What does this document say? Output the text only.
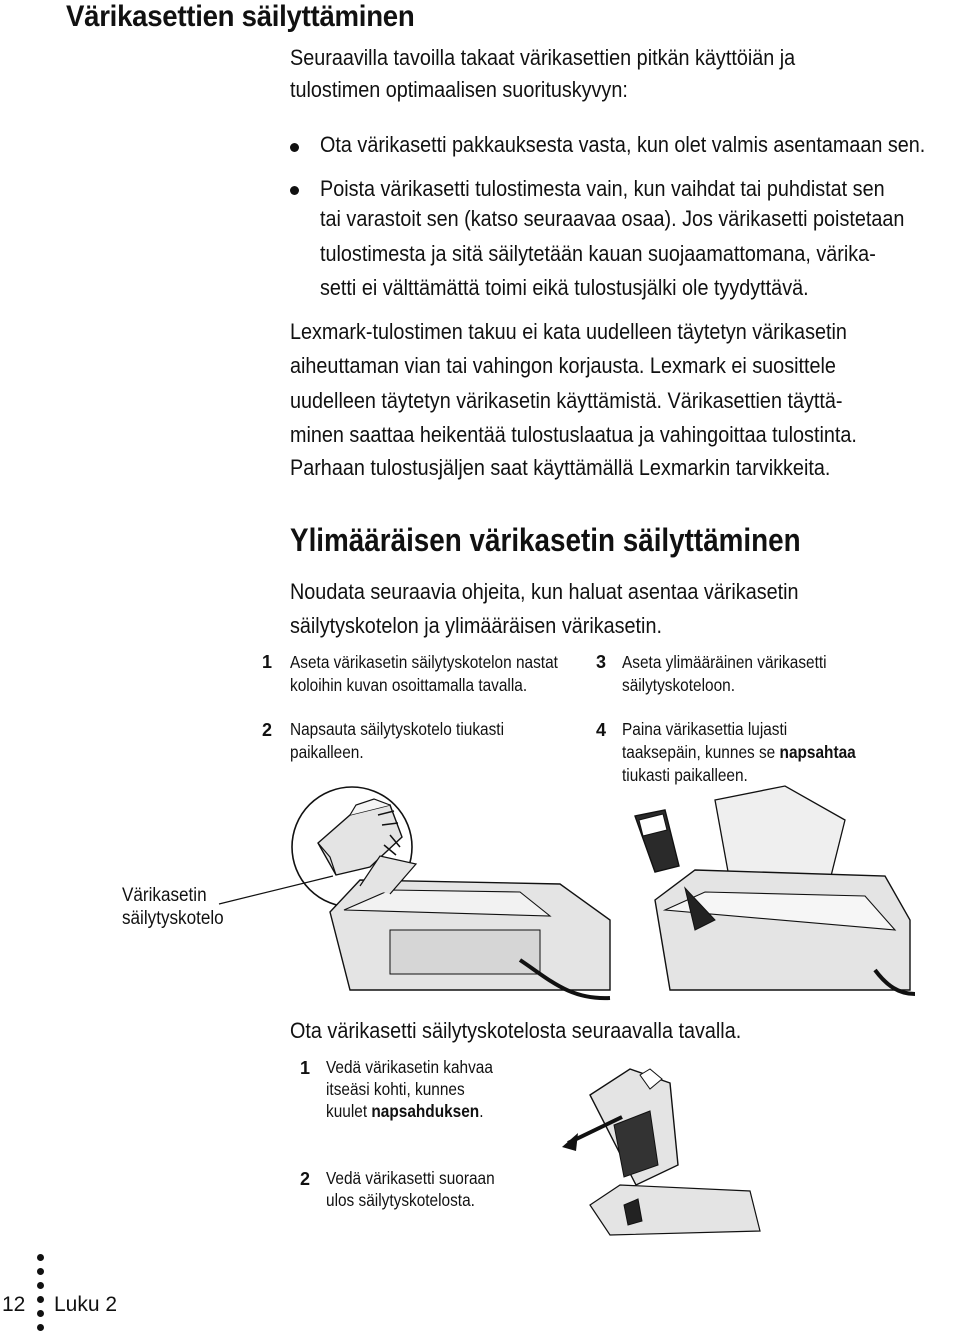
Värikasettien säilyttäminen
Seuraavilla tavoilla takaat värikasettien pitkän käyttöiän ja
tulostimen optimaalisen suorituskyvyn:
Ota värikasetti pakkauksesta vasta, kun olet valmis asentamaan sen.
Poista värikasetti tulostimesta vain, kun vaihdat tai puhdistat sen
tai varastoit sen (katso seuraavaa osaa). Jos värikasetti poistetaan
tulostimesta ja sitä säilytetään kauan suojaamattomana, värika-
setti ei välttämättä toimi eikä tulostusjälki ole tyydyttävä.
Lexmark-tulostimen takuu ei kata uudelleen täytetyn värikasetin
aiheuttaman vian tai vahingon korjausta. Lexmark ei suosittele
uudelleen täytetyn värikasetin käyttämistä. Värikasettien täyttä-
minen saattaa heikentää tulostuslaatua ja vahingoittaa tulostinta.
Parhaan tulostusjäljen saat käyttämällä Lexmarkin tarvikkeita.
Ylimääräisen värikasetin säilyttäminen
Noudata seuraavia ohjeita, kun haluat asentaa värikasetin
säilytyskotelon ja ylimääräisen värikasetin.
1 Aseta värikasetin säilytyskotelon nastat
koloihin kuvan osoittamalla tavalla.
2 Napsauta säilytyskotelo tiukasti
paikalleen.
3 Aseta ylimääräinen värikasetti
säilytyskoteloon.
4 Paina värikasettia lujasti
taaksepäin, kunnes se napsahtaa
tiukasti paikalleen.
Värikasetin
säilytyskotelo
Ota värikasetti säilytyskotelosta seuraavalla tavalla.
1 Vedä värikasetin kahvaa
itseäsi kohti, kunnes
kuulet napsahduksen.
2 Vedä värikasetti suoraan
ulos säilytyskotelosta.
12 Luku 2
